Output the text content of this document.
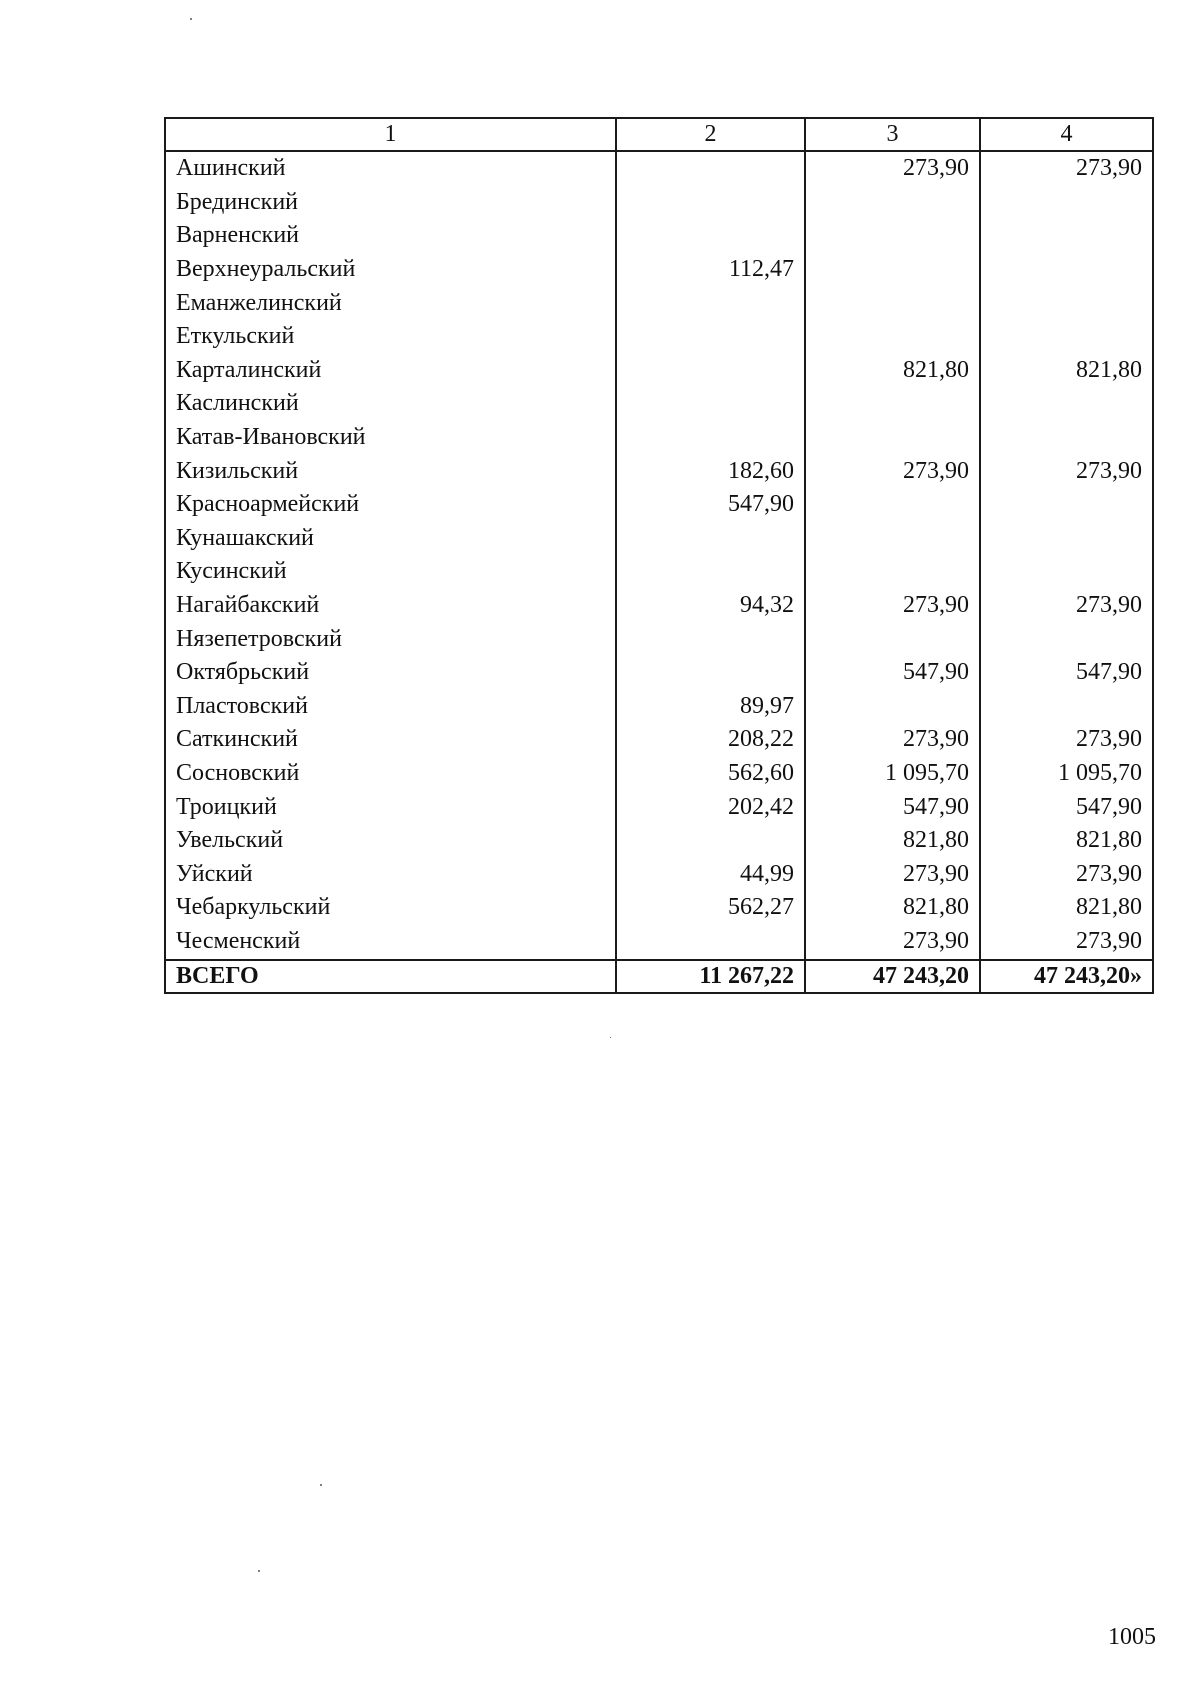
1	2	3	4
Ашинский		273,90	273,90
Брединский			
Варненский			
Верхнеуральский	112,47		
Еманжелинский			
Еткульский			
Карталинский		821,80	821,80
Каслинский			
Катав-Ивановский			
Кизильский	182,60	273,90	273,90
Красноармейский	547,90		
Кунашакский			
Кусинский			
Нагайбакский	94,32	273,90	273,90
Нязепетровский			
Октябрьский		547,90	547,90
Пластовский	89,97		
Саткинский	208,22	273,90	273,90
Сосновский	562,60	1 095,70	1 095,70
Троицкий	202,42	547,90	547,90
Увельский		821,80	821,80
Уйский	44,99	273,90	273,90
Чебаркульский	562,27	821,80	821,80
Чесменский		273,90	273,90
ВСЕГО	11 267,22	47 243,20	47 243,20»
1005
